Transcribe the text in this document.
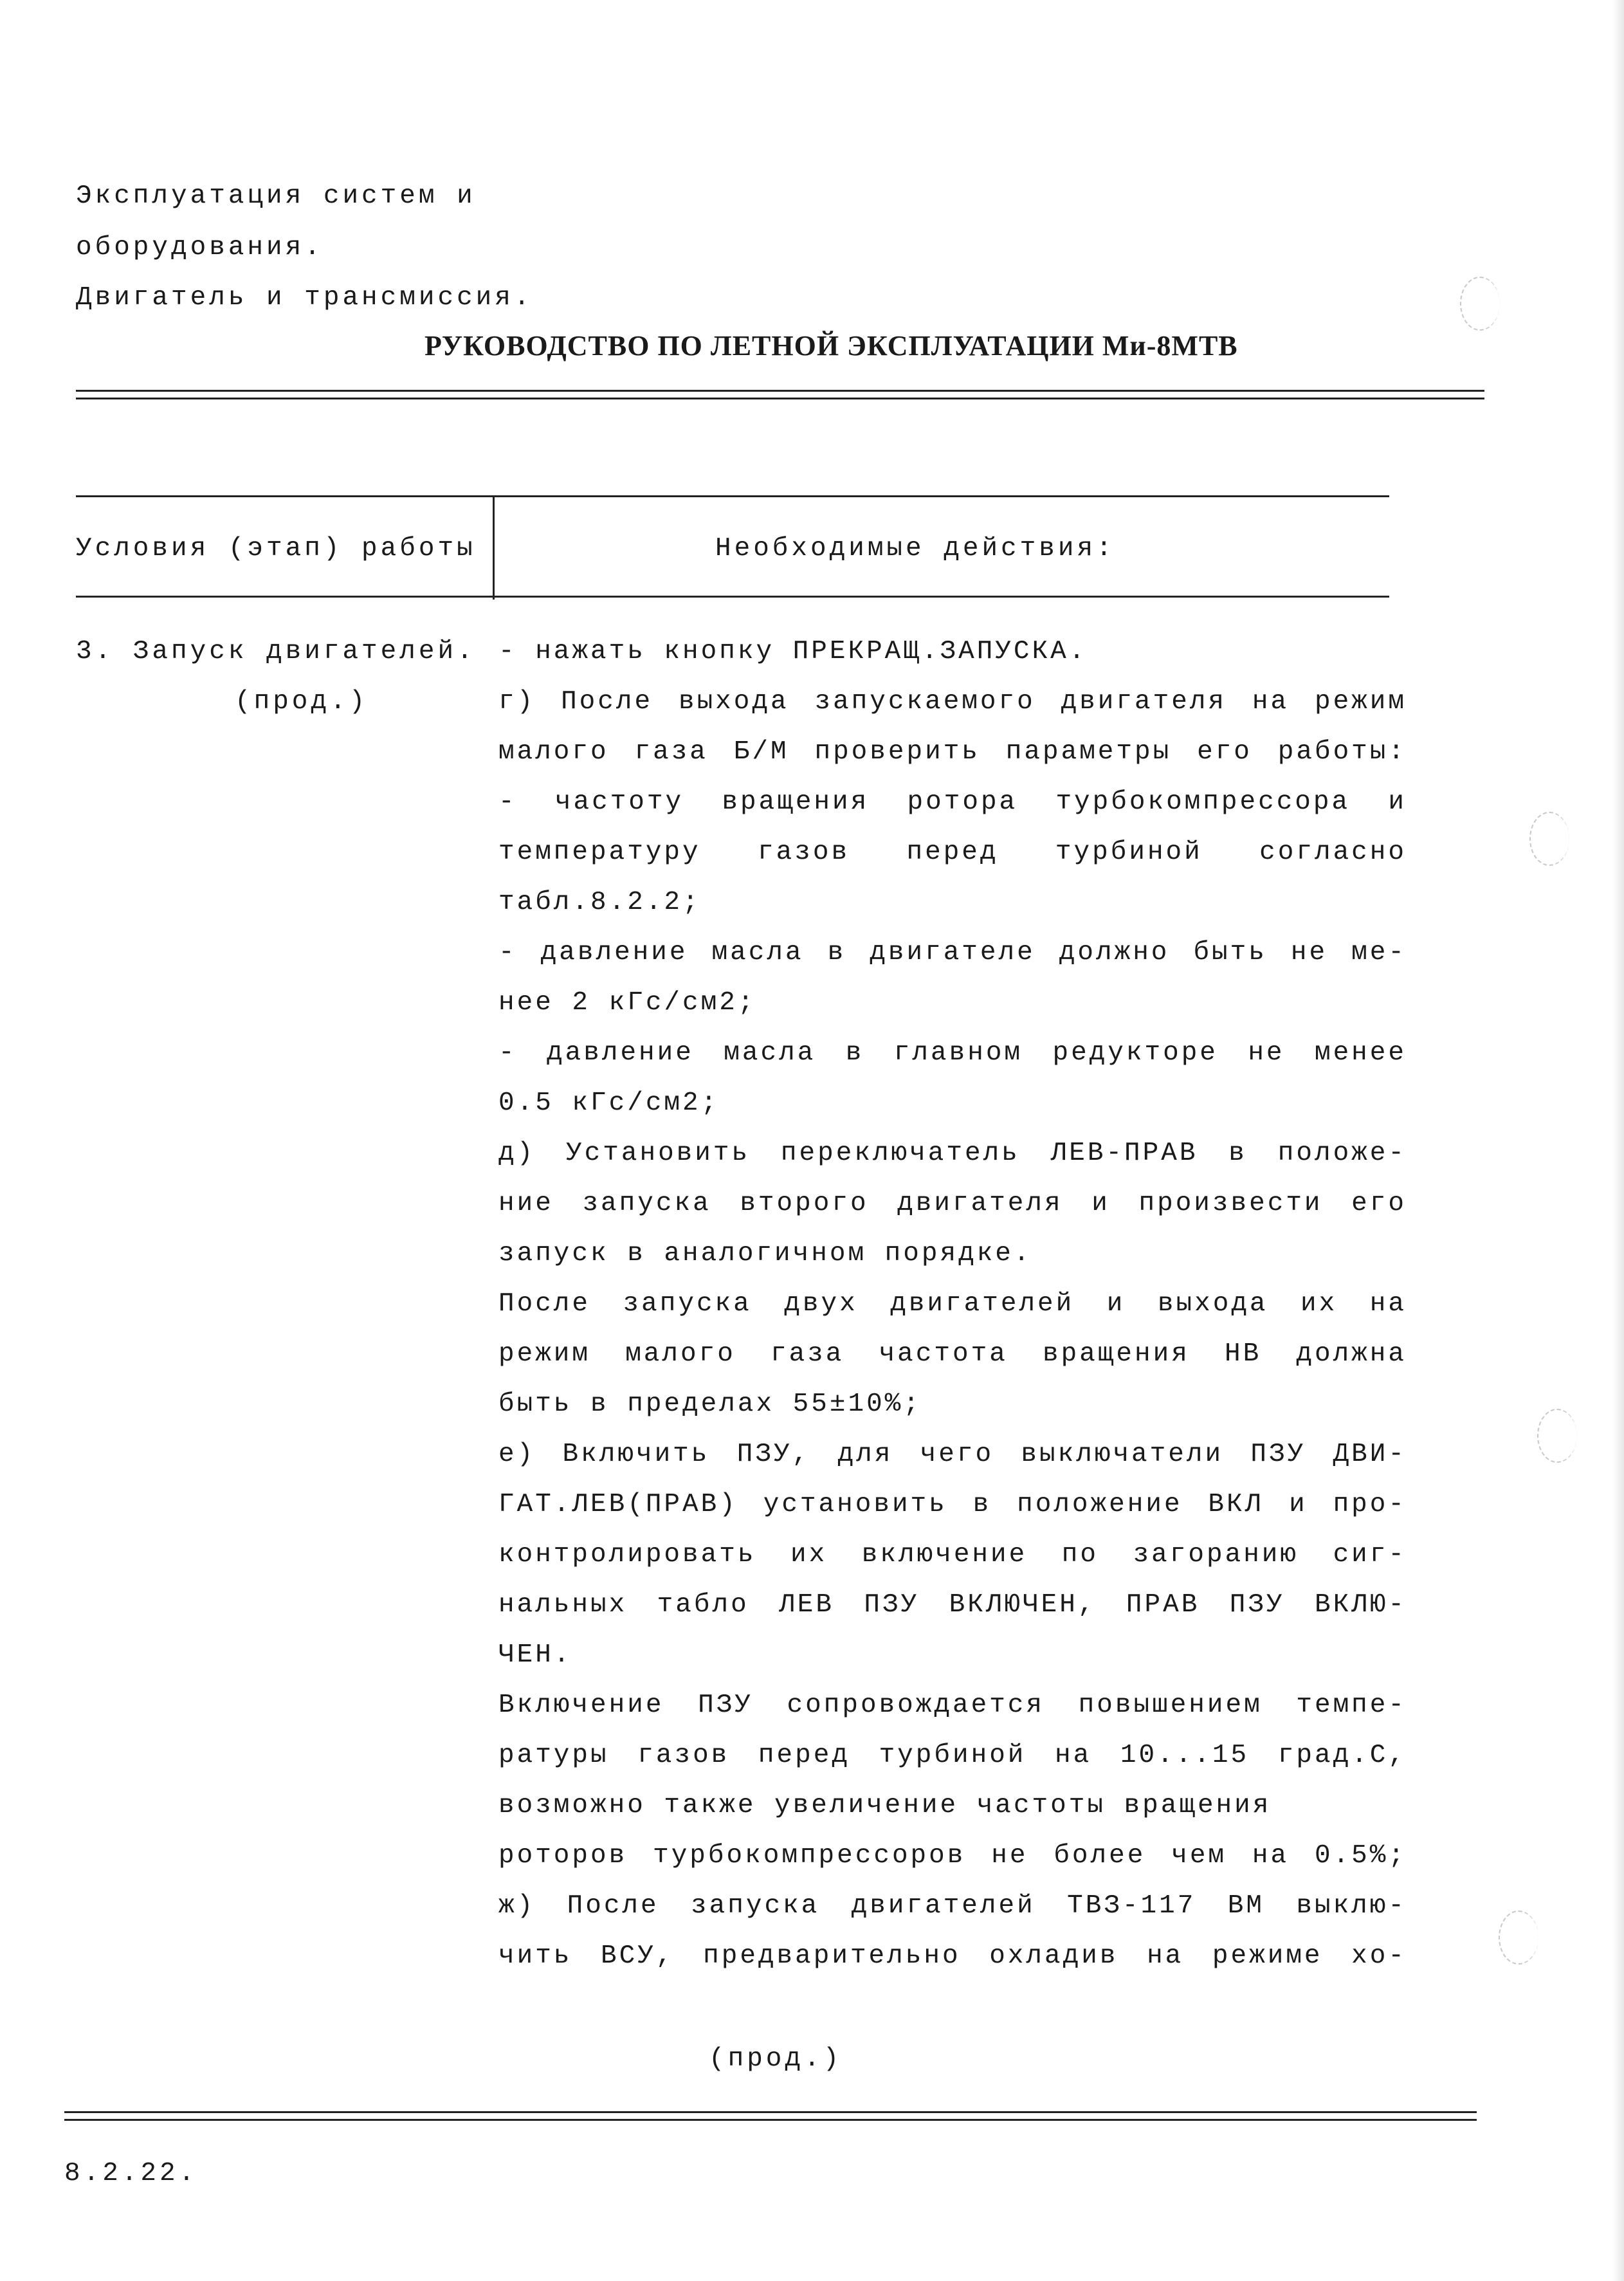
Эксплуатация систем и
оборудования.
Двигатель и трансмиссия.
РУКОВОДСТВО ПО ЛЕТНОЙ ЭКСПЛУАТАЦИИ Ми-8МТВ
Условия (этап) работы	Необходимые действия:
3. Запуск двигателей.
(прод.)
- нажать кнопку ПРЕКРАЩ.ЗАПУСКА.
г) После выхода запускаемого двигателя на режим
малого газа Б/М проверить параметры его работы:
- частоту вращения ротора турбокомпрессора и
температуру газов перед турбиной согласно
табл.8.2.2;
- давление масла в двигателе должно быть не ме-
нее 2 кГс/см2;
- давление масла в главном редукторе не менее
0.5 кГс/см2;
д) Установить переключатель ЛЕВ-ПРАВ в положе-
ние запуска второго двигателя и произвести его
запуск в аналогичном порядке.
После запуска двух двигателей и выхода их на
режим малого газа частота вращения НВ должна
быть в пределах 55±10%;
е) Включить ПЗУ, для чего выключатели ПЗУ ДВИ-
ГАТ.ЛЕВ(ПРАВ) установить в положение ВКЛ и про-
контролировать их включение по загоранию сиг-
нальных табло ЛЕВ ПЗУ ВКЛЮЧЕН, ПРАВ ПЗУ ВКЛЮ-
ЧЕН.
Включение ПЗУ сопровождается повышением темпе-
ратуры газов перед турбиной на 10...15 град.С,
возможно также увеличение частоты вращения
роторов турбокомпрессоров не более чем на 0.5%;
ж) После запуска двигателей ТВЗ-117 ВМ выклю-
чить ВСУ, предварительно охладив на режиме хо-
(прод.)
8.2.22.
